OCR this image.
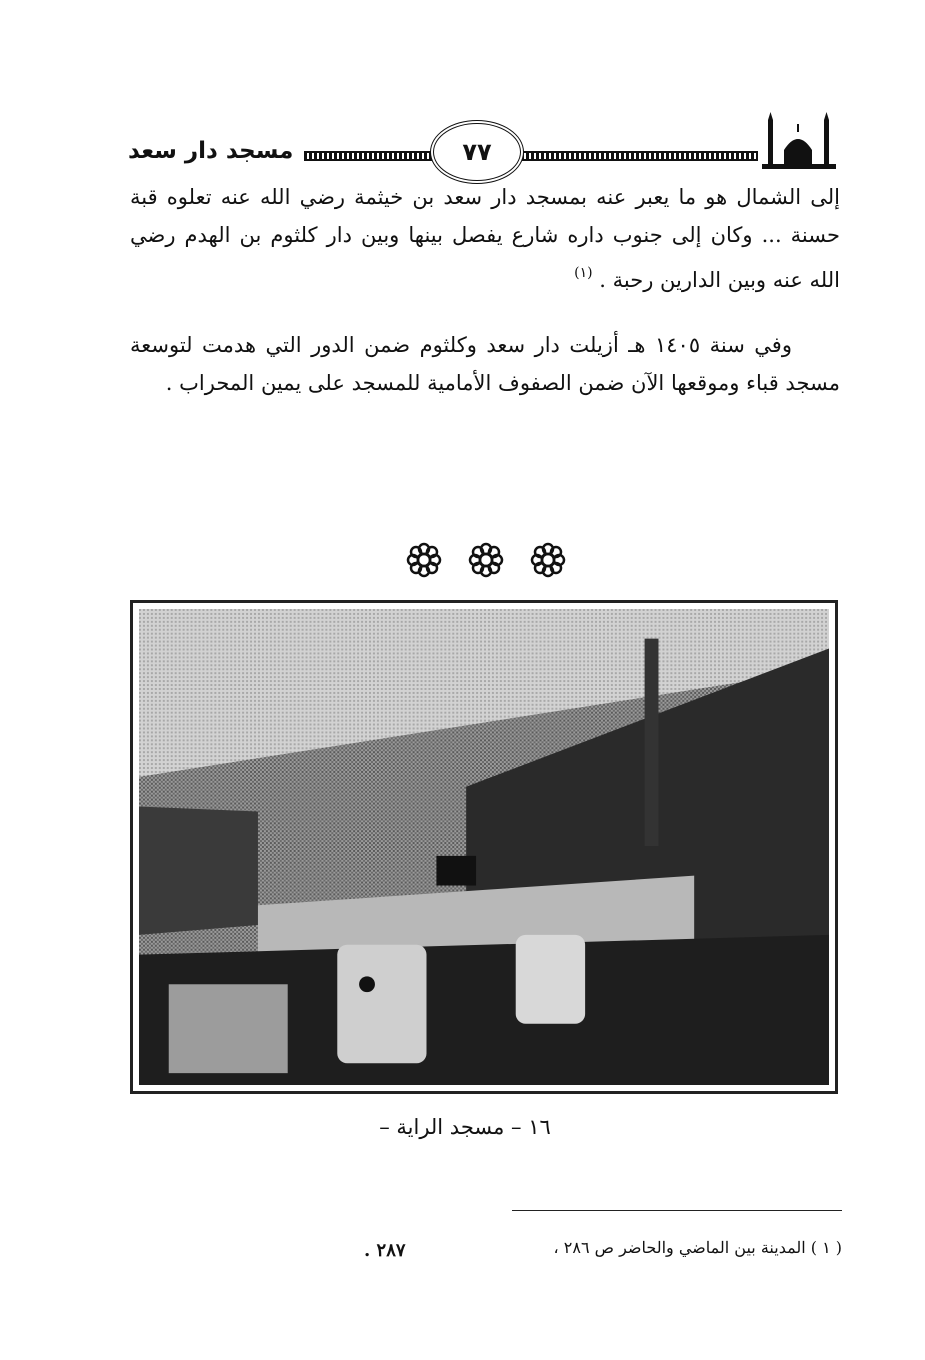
مسجد دار سعد	٧٧
إلى الشمال هو ما يعبر عنه بمسجد دار سعد بن خيثمة رضي الله عنه تعلوه قبة حسنة ... وكان إلى جنوب داره شارع يفصل بينها وبين دار كلثوم بن الهدم رضي الله عنه وبين الدارين رحبة . $^{(١)}$
وفي سنة ١٤٠٥ هـ أزيلت دار سعد وكلثوم ضمن الدور التي هدمت لتوسعة مسجد قباء وموقعها الآن ضمن الصفوف الأمامية للمسجد على يمين المحراب .
١٦ – مسجد الراية –
( ١ ) المدينة بين الماضي والحاضر ص ٢٨٦ ،
٢٨٧ .
